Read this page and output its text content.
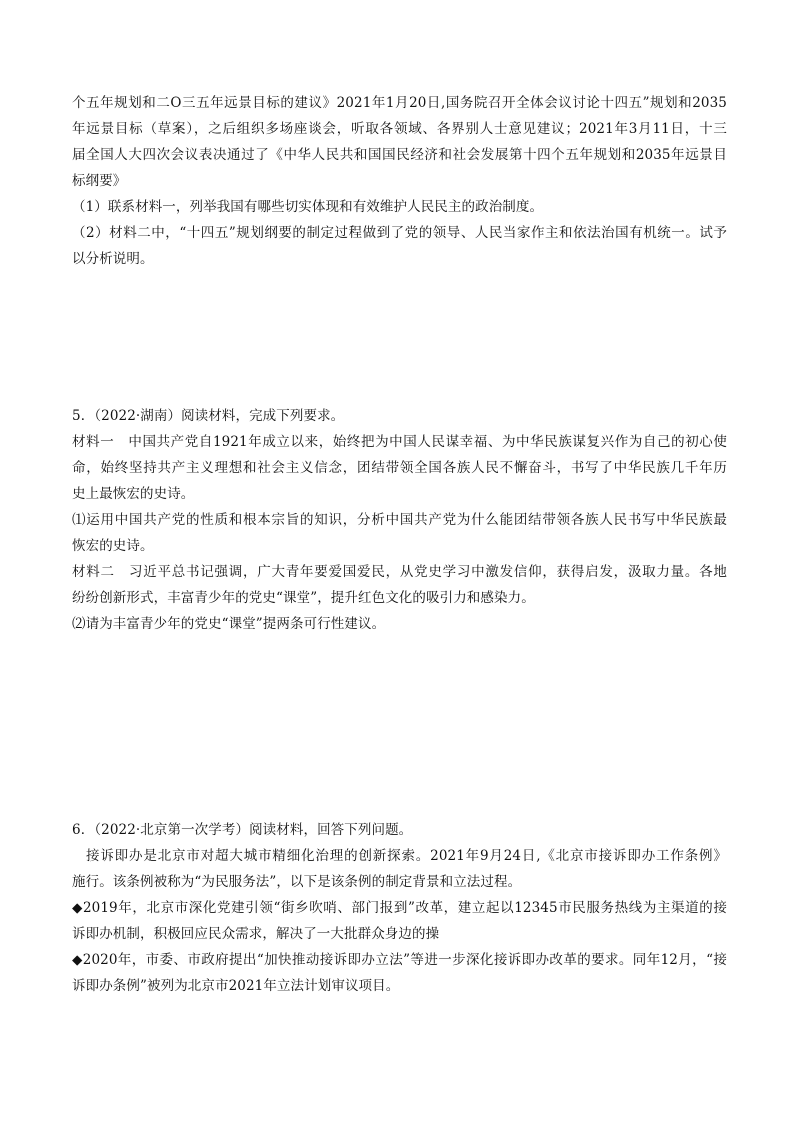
个五年规划和二O三五年远景目标的建议》2021年1月20日,国务院召开全体会议讨论十四五”规划和2035
年远景目标（草案），之后组织多场座谈会，听取各领域、各界别人士意见建议；2021年3月11日，十三
届全国人大四次会议表决通过了《中华人民共和国国民经济和社会发展第十四个五年规划和2035年远景目
标纲要》
（1）联系材料一，列举我国有哪些切实体现和有效维护人民民主的政治制度。
（2）材料二中，“十四五”规划纲要的制定过程做到了党的领导、人民当家作主和依法治国有机统一。试予
以分析说明。
5．（2022·湖南）阅读材料，完成下列要求。
材料一　中国共产党自1921年成立以来，始终把为中国人民谋幸福、为中华民族谋复兴作为自己的初心使
命，始终坚持共产主义理想和社会主义信念，团结带领全国各族人民不懈奋斗，书写了中华民族几千年历
史上最恢宏的史诗。
⑴运用中国共产党的性质和根本宗旨的知识，分析中国共产党为什么能团结带领各族人民书写中华民族最
恢宏的史诗。
材料二　习近平总书记强调，广大青年要爱国爱民，从党史学习中激发信仰，获得启发，汲取力量。各地
纷纷创新形式，丰富青少年的党史“课堂”，提升红色文化的吸引力和感染力。
⑵请为丰富青少年的党史“课堂”提两条可行性建议。
6．（2022·北京第一次学考）阅读材料，回答下列问题。
接诉即办是北京市对超大城市精细化治理的创新探索。2021年9月24日,《北京市接诉即办工作条例》
施行。该条例被称为“为民服务法”，以下是该条例的制定背景和立法过程。
◆2019年，北京市深化党建引领“街乡吹哨、部门报到”改革，建立起以12345市民服务热线为主渠道的接
诉即办机制，积极回应民众需求，解决了一大批群众身边的操
◆2020年，市委、市政府提出“加快推动接诉即办立法”等进一步深化接诉即办改革的要求。同年12月，“接
诉即办条例”被列为北京市2021年立法计划审议项目。
